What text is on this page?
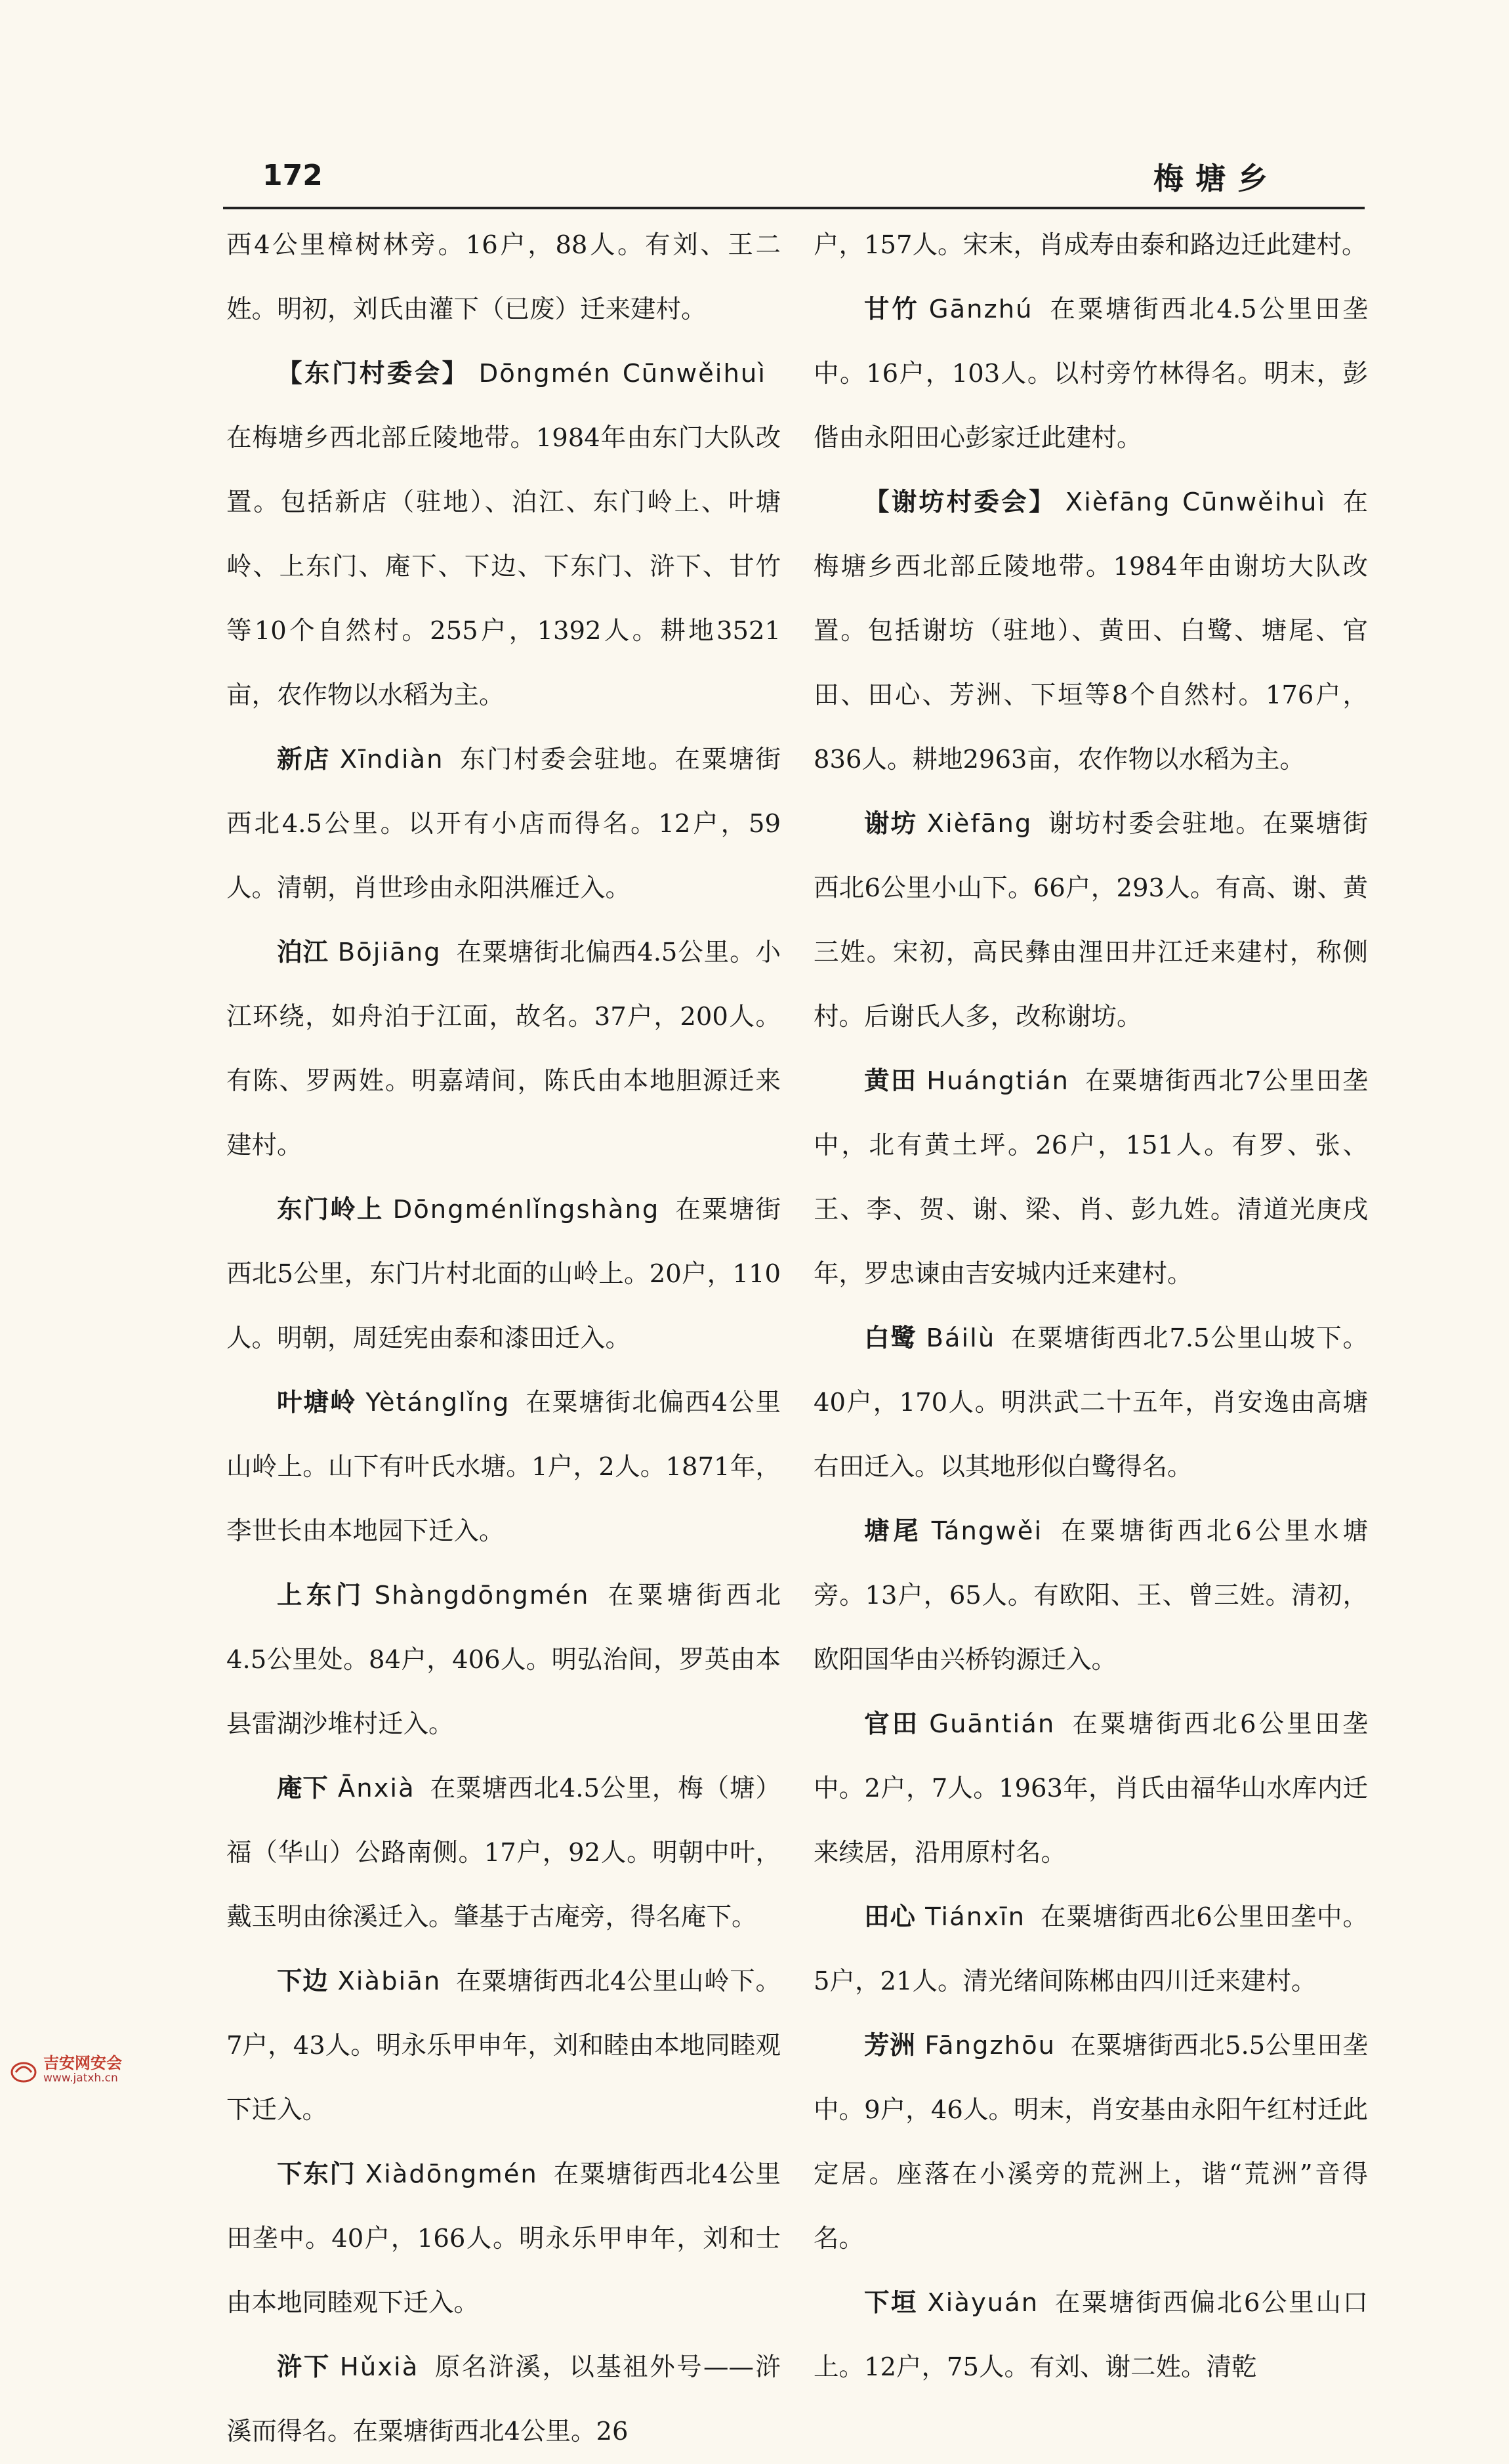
172	梅塘乡

西4公里樟树林旁。16户，88人。有刘、王二姓。明初，刘氏由灌下（已废）迁来建村。

【东门村委会】 Dōngmén Cūnwěihuì在梅塘乡西北部丘陵地带。1984年由东门大队改置。包括新店（驻地）、泊江、东门岭上、叶塘岭、上东门、庵下、下边、下东门、浒下、甘竹等10个自然村。255户，1392人。耕地3521亩，农作物以水稻为主。

新店 Xīndiàn 东门村委会驻地。在粟塘街西北4.5公里。以开有小店而得名。12户，59人。清朝，肖世珍由永阳洪雁迁入。

泊江 Bōjiāng 在粟塘街北偏西4.5公里。小江环绕，如舟泊于江面，故名。37户，200人。有陈、罗两姓。明嘉靖间，陈氏由本地胆源迁来建村。

东门岭上 Dōngménlǐngshàng 在粟塘街西北5公里，东门片村北面的山岭上。20户，110人。明朝，周廷宪由泰和漆田迁入。

叶塘岭 Yètánglǐng 在粟塘街北偏西4公里山岭上。山下有叶氏水塘。1户，2人。1871年，李世长由本地园下迁入。

上东门 Shàngdōngmén 在粟塘街西北4.5公里处。84户，406人。明弘治间，罗英由本县雷湖沙堆村迁入。

庵下 Ānxià 在粟塘西北4.5公里，梅（塘）福（华山）公路南侧。17户，92人。明朝中叶，戴玉明由徐溪迁入。肇基于古庵旁，得名庵下。

下边 Xiàbiān 在粟塘街西北4公里山岭下。7户，43人。明永乐甲申年，刘和睦由本地同睦观下迁入。

下东门 Xiàdōngmén 在粟塘街西北4公里田垄中。40户，166人。明永乐甲申年，刘和士由本地同睦观下迁入。

浒下 Hǔxià 原名浒溪，以基祖外号——浒溪而得名。在粟塘街西北4公里。26

户，157人。宋末，肖成寿由泰和路边迁此建村。

甘竹 Gānzhú 在粟塘街西北4.5公里田垄中。16户，103人。以村旁竹林得名。明末，彭偕由永阳田心彭家迁此建村。

【谢坊村委会】 Xièfāng Cūnwěihuì 在梅塘乡西北部丘陵地带。1984年由谢坊大队改置。包括谢坊（驻地）、黄田、白鹭、塘尾、官田、田心、芳洲、下垣等8个自然村。176户，836人。耕地2963亩，农作物以水稻为主。

谢坊 Xièfāng 谢坊村委会驻地。在粟塘街西北6公里小山下。66户，293人。有高、谢、黄三姓。宋初，高民彝由浬田井江迁来建村，称侧村。后谢氏人多，改称谢坊。

黄田 Huángtián 在粟塘街西北7公里田垄中，北有黄土坪。26户，151人。有罗、张、王、李、贺、谢、梁、肖、彭九姓。清道光庚戌年，罗忠谏由吉安城内迁来建村。

白鹭 Báilù 在粟塘街西北7.5公里山坡下。40户，170人。明洪武二十五年，肖安逸由高塘右田迁入。以其地形似白鹭得名。

塘尾 Tángwěi 在粟塘街西北6公里水塘旁。13户，65人。有欧阳、王、曾三姓。清初，欧阳国华由兴桥钧源迁入。

官田 Guāntián 在粟塘街西北6公里田垄中。2户，7人。1963年，肖氏由福华山水库内迁来续居，沿用原村名。

田心 Tiánxīn 在粟塘街西北6公里田垄中。5户，21人。清光绪间陈郴由四川迁来建村。

芳洲 Fāngzhōu 在粟塘街西北5.5公里田垄中。9户，46人。明末，肖安基由永阳午红村迁此定居。座落在小溪旁的荒洲上，谐“荒洲”音得名。

下垣 Xiàyuán 在粟塘街西偏北6公里山口上。12户，75人。有刘、谢二姓。清乾

吉安网安会
www.jatxh.cn
